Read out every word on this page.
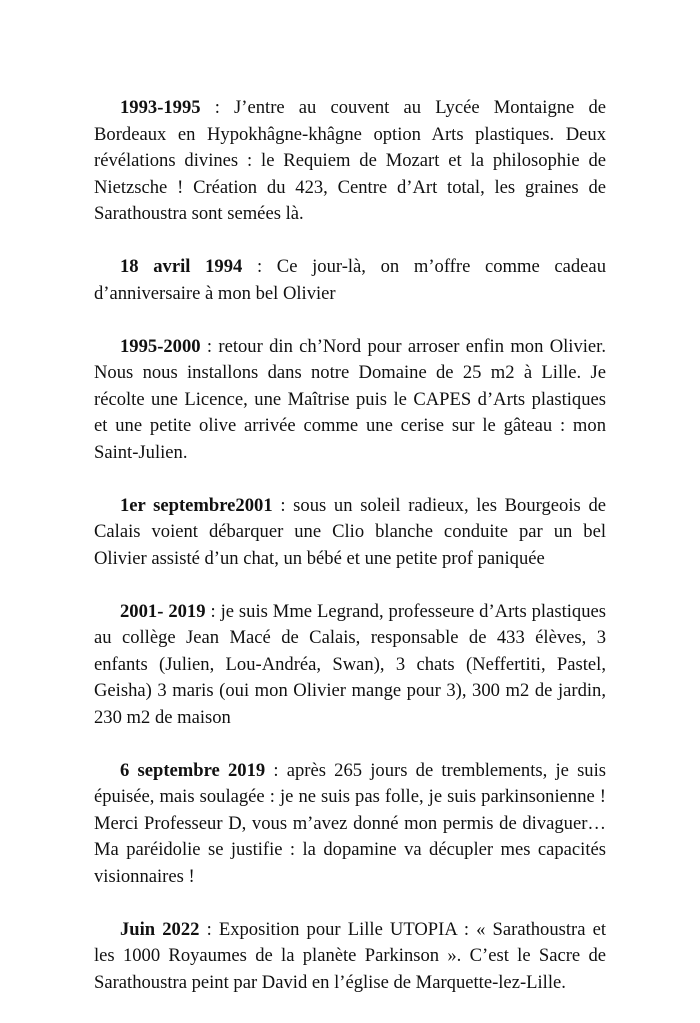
1993-1995 : J’entre au couvent au Lycée Montaigne de Bordeaux en Hypokhâgne-khâgne option Arts plastiques. Deux révélations divines : le Requiem de Mozart et la philosophie de Nietzsche ! Création du 423, Centre d’Art total, les graines de Sarathoustra sont semées là.

18 avril 1994 : Ce jour-là, on m’offre comme cadeau d’anniversaire à mon bel Olivier

1995-2000 : retour din ch’Nord pour arroser enfin mon Olivier. Nous nous installons dans notre Domaine de 25 m2 à Lille. Je récolte une Licence, une Maîtrise puis le CAPES d’Arts plastiques et une petite olive arrivée comme une cerise sur le gâteau : mon Saint-Julien.

1er septembre2001 : sous un soleil radieux, les Bourgeois de Calais voient débarquer une Clio blanche conduite par un bel Olivier assisté d’un chat, un bébé et une petite prof paniquée

2001- 2019 : je suis Mme Legrand, professeure d’Arts plastiques au collège Jean Macé de Calais, responsable de 433 élèves, 3 enfants (Julien, Lou-Andréa, Swan), 3 chats (Neffertiti, Pastel, Geisha) 3 maris (oui mon Olivier mange pour 3), 300 m2 de jardin, 230 m2 de maison

6 septembre 2019 : après 265 jours de tremblements, je suis épuisée, mais soulagée : je ne suis pas folle, je suis parkinsonienne ! Merci Professeur D, vous m’avez donné mon permis de divaguer… Ma paréidolie se justifie : la dopamine va décupler mes capacités visionnaires !

Juin 2022 : Exposition pour Lille UTOPIA : « Sarathoustra et les 1000 Royaumes de la planète Parkinson ». C’est le Sacre de Sarathoustra peint par David en l’église de Marquette-lez-Lille.
